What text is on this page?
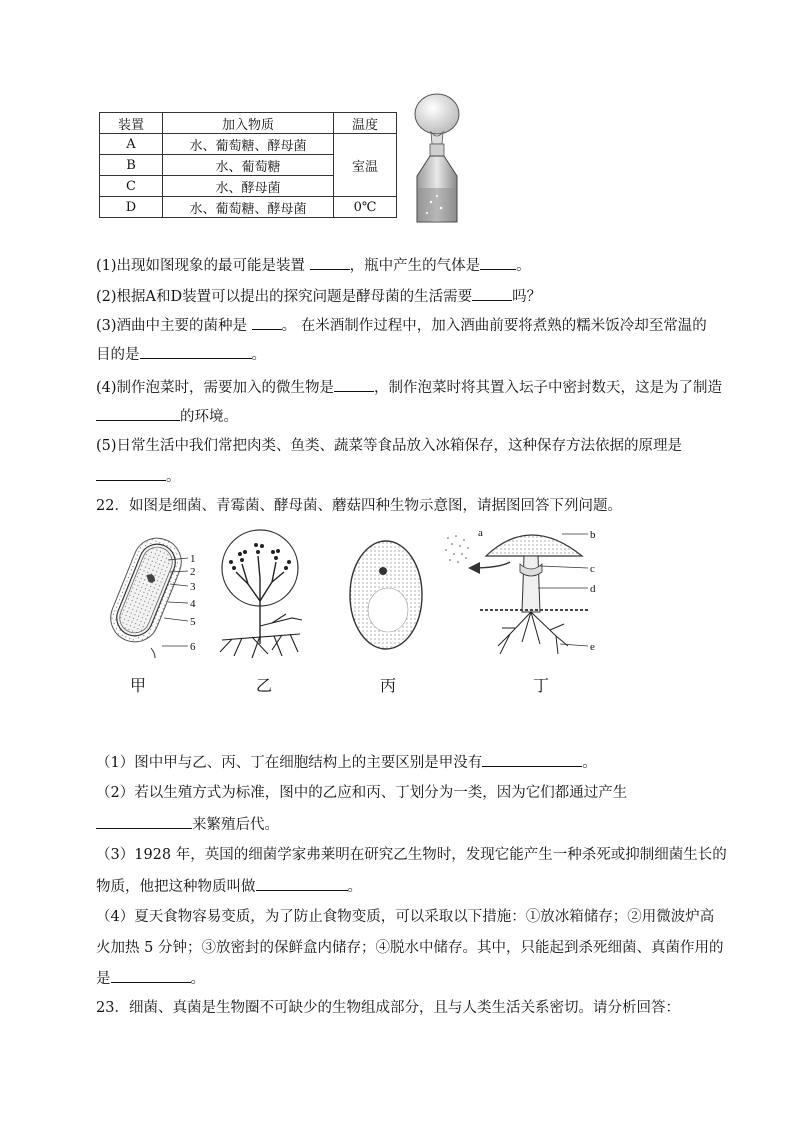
装置	加入物质	温度
A	水、葡萄糖、酵母菌	室温
B	水、葡萄糖	
C	水、酵母菌	
D	水、葡萄糖、酵母菌	0℃
(1)出现如图现象的最可能是装置	，瓶中产生的气体是 。
(2)根据A和D装置可以提出的探究问题是酵母菌的生活需要	吗？
(3)酒曲中主要的菌种是 。 在米酒制作过程中，加入酒曲前要将煮熟的糯米饭冷却至常温的
目的是	。
(4)制作泡菜时，需要加入的微生物是	，制作泡菜时将其置入坛子中密封数天，这是为了制造
的环境。
(5)日常生活中我们常把肉类、鱼类、蔬菜等食品放入冰箱保存，这种保存方法依据的原理是
。
22．如图是细菌、青霉菌、酵母菌、蘑菇四种生物示意图，请据图回答下列问题。
1
2
3
4
5
6
a	b
c
d
e
甲	乙	丙	丁
（1）图中甲与乙、丙、丁在细胞结构上的主要区别是甲没有	。
（2）若以生殖方式为标准，图中的乙应和丙、丁划分为一类，因为它们都通过产生
来繁殖后代。
（3）1928 年，英国的细菌学家弗莱明在研究乙生物时，发现它能产生一种杀死或抑制细菌生长的
物质，他把这种物质叫做	。
（4）夏天食物容易变质，为了防止食物变质，可以采取以下措施：①放冰箱储存；②用微波炉高
火加热 5 分钟；③放密封的保鲜盒内储存；④脱水中储存。其中，只能起到杀死细菌、真菌作用的
是	。
23．细菌、真菌是生物圈不可缺少的生物组成部分，且与人类生活关系密切。请分析回答：
